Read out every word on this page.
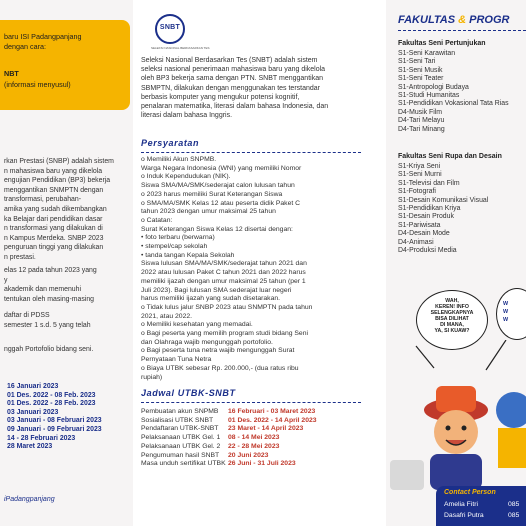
baru ISI Padangpanjang
dengan cara:
NBT
(informasi menyusul)
rkan Prestasi (SNBP) adalah sistem
n mahasiswa baru yang dikelola
engujian Pendidikan (BP3) bekerja
menggantikan SNMPTN dengan
transformasi, perubahan-
amika yang sudah dikembangkan
ka Belajar dari pendidikan dasar
n transformasi yang dilakukan di
n Kampus Merdeka. SNBP 2023
penguruan tinggi yang dilakukan
n prestasi.
elas 12 pada tahun 2023 yang
y
akademik dan memenuhi
tentukan oleh masing-masing
daftar di PDSS
semester 1 s.d. 5 yang telah
nggah Portofolio bidang seni.
16 Januari 2023
01 Des. 2022 - 08 Feb. 2023
01 Des. 2022 - 28 Feb. 2023
03 Januari 2023
03 Januari - 08 Februari 2023
09 Januari - 09 Februari 2023
14 - 28 Februari 2023
28 Maret 2023
iPadangpanjang
SNBT
SELEKSI NASIONAL BERDASARKAN TES
Seleksi Nasional Berdasarkan Tes (SNBT) adalah sistem
seleksi nasional penerimaan mahasiswa baru yang dikelola
oleh BP3 bekerja sama dengan PTN. SNBT menggantikan
SBMPTN, dilakukan dengan menggunakan tes terstandar
berbasis komputer yang mengukur potensi kognitif,
penalaran matematika, literasi dalam bahasa Indonesia, dan
literasi dalam bahasa Inggris.
Persyaratan
o Memiliki Akun SNPMB.
Warga Negara Indonesia (WNI) yang memiliki Nomor
o Induk Kependudukan (NIK).
Siswa SMA/MA/SMK/sederajat calon lulusan tahun
o 2023 harus memiliki Surat Keterangan Siswa
o SMA/MA/SMK Kelas 12 atau peserta didik Paket C
tahun 2023 dengan umur maksimal 25 tahun
o Catatan:
Surat Keterangan Siswa Kelas 12 disertai dengan:
• foto terbaru (berwarna)
• stempel/cap sekolah
• tanda tangan Kepala Sekolah
Siswa lulusan SMA/MA/SMK/sederajat tahun 2021 dan
2022 atau lulusan Paket C tahun 2021 dan 2022 harus
memiliki ijazah dengan umur maksimal 25 tahun (per 1
Juli 2023). Bagi lulusan SMA sederajat luar negeri
harus memiliki ijazah yang sudah disetarakan.
o Tidak lulus jalur SNBP 2023 atau SNMPTN pada tahun
2021, atau 2022.
o Memiliki kesehatan yang memadai.
o Bagi peserta yang memilih program studi bidang Seni
dan Olahraga wajib mengunggah portofolio.
o Bagi peserta tuna netra wajib mengunggah Surat
Pernyataan Tuna Netra
o Biaya UTBK sebesar Rp. 200.000,- (dua ratus ribu
rupiah)
Jadwal UTBK-SNBT
Pembuatan akun SNPMB
Sosialisasi UTBK SNBT
Pendaftaran UTBK-SNBT
Pelaksanaan UTBK Gel. 1
Pelaksanaan UTBK Gel. 2
Pengumuman hasil SNBT
Masa unduh sertifikat UTBK
16 Februari - 03 Maret 2023
01 Des. 2022 - 14 April 2023
23 Maret - 14 April 2023
08 - 14 Mei 2023
22 - 28 Mei 2023
20 Juni 2023
26 Juni - 31 Juli 2023
FAKULTAS & PROGR
Fakultas Seni Pertunjukan
S1-Seni Karawitan
S1-Seni Tari
S1-Seni Musik
S1-Seni Teater
S1-Antropologi Budaya
S1-Studi Humanitas
S1-Pendidikan Vokasional Tata Rias
D4-Musik Film
D4-Tari Melayu
D4-Tari Minang
Fakultas Seni Rupa dan Desain
S1-Kriya Seni
S1-Seni Murni
S1-Televisi dan Film
S1-Fotografi
S1-Desain Komunikasi Visual
S1-Pendidikan Kriya
S1-Desain Produk
S1-Pariwisata
D4-Desain Mode
D4-Animasi
D4-Produksi Media
WAH,
KEREN! INFO
SELENGKAPNYA
BISA DILIHAT
DI MANA,
YA, SI KUAW?
W
W
W
Contact Person
Amelia Fitri	085
Dasafri Putra	085
